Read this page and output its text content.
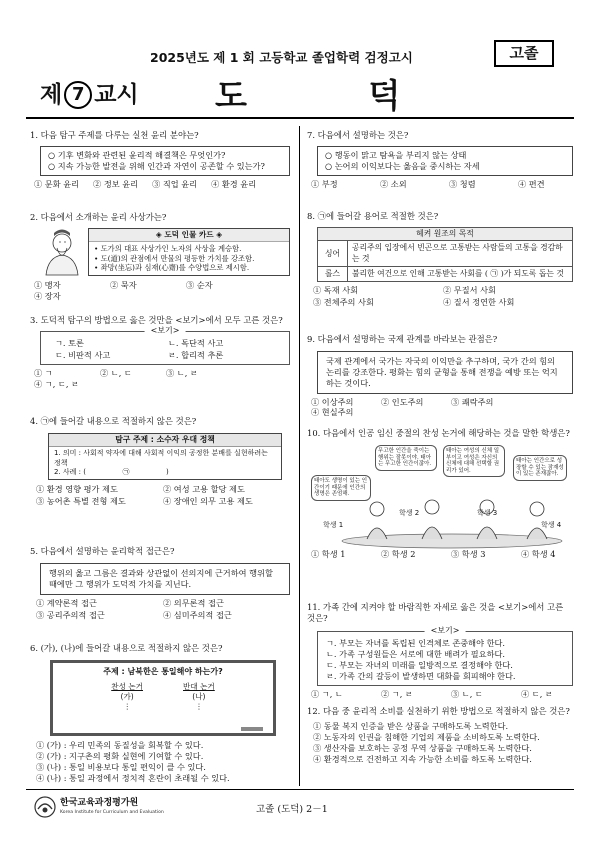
2025년도 제 1 회 고등학교 졸업학력 검정고시	고졸
제 7 교시 도 덕
1. 다음 탐구 주제를 다루는 실천 윤리 분야는?
○ 기후 변화와 관련된 윤리적 해결책은 무엇인가?
○ 지속 가능한 발전을 위해 인간과 자연이 공존할 수 있는가?
① 문화 윤리 ② 정보 윤리 ③ 직업 윤리 ④ 환경 윤리
2. 다음에서 소개하는 윤리 사상가는?
◈ 도덕 인물 카드 ◈
• 도가의 대표 사상가인 노자의 사상을 계승함.
• 도(道)의 관점에서 만물의 평등한 가치를 강조함.
• 좌망(坐忘)과 심재(心齋)를 수양법으로 제시함.
① 맹자	② 묵자	③ 순자
④ 장자
3. 도덕적 탐구의 방법으로 옳은 것만을 <보기>에서 모두 고른 것은?
<보기>
ㄱ. 토론	ㄴ. 독단적 사고
ㄷ. 비판적 사고	ㄹ. 합리적 추론
① ㄱ	② ㄴ, ㄷ	③ ㄴ, ㄹ
④ ㄱ, ㄷ, ㄹ
4. ㉠에 들어갈 내용으로 적절하지 않은 것은?
탐구 주제 : 소수자 우대 정책
1. 의미 : 사회적 약자에 대해 사회적 이익의 공정한 분배를 실현하려는 정책
2. 사례 : (	㉠	)
① 환경 영향 평가 제도	② 여성 고용 할당 제도
③ 농어촌 특별 전형 제도	④ 장애인 의무 고용 제도
5. 다음에서 설명하는 윤리학적 접근은?
행위의 옳고 그름은 결과와 상관없이 선의지에 근거하여 행위할 때에만 그 행위가 도덕적 가치를 지닌다.
① 계약론적 접근	② 의무론적 접근
③ 공리주의적 접근	④ 심미주의적 접근
6. (가), (나)에 들어갈 내용으로 적절하지 않은 것은?
주제 : 남북한은 통일해야 하는가?
찬성 논거
(가)
⋮
반대 논거
(나)
⋮
① (가) : 우리 민족의 동질성을 회복할 수 있다.
② (가) : 지구촌의 평화 실현에 기여할 수 있다.
③ (나) : 통일 비용보다 통일 편익이 클 수 있다.
④ (나) : 통일 과정에서 정치적 혼란이 초래될 수 있다.
7. 다음에서 설명하는 것은?
○ 행동이 맑고 탐욕을 부리지 않는 상태
○ 논어의 이익보다는 옳음을 중시하는 자세
① 부정	② 소외	③ 청렴	④ 편견
8. ㉠에 들어갈 용어로 적절한 것은?
헤켜 원조의 목적	
싱어	공리주의 입장에서 빈곤으로 고통받는 사람들의 고통을 경감하는 것
롤스	불리한 여건으로 인해 고통받는 사회를 ( ㉠ )가 되도록 돕는 것
① 독재 사회	② 무질서 사회
③ 전체주의 사회	④ 질서 정연한 사회
9. 다음에서 설명하는 국제 관계를 바라보는 관점은?
국제 관계에서 국가는 자국의 이익만을 추구하며, 국가 간의 힘의 논리를 강조한다. 평화는 힘의 균형을 통해 전쟁을 예방 또는 억지하는 것이다.
① 이상주의	② 인도주의	③ 쾌락주의
④ 현실주의
10. 다음에서 인공 임신 중절의 찬성 논거에 해당하는 것을 말한 학생은?
태아도 생명이 있는 인간이기 때문에 인간의 생명은 존엄해.
무고한 인간을 죽이는 행위는 잘못이야. 태아는 무고한 인간이잖아.
태아는 여성의 신체 일부이고 여성은 자신의 신체에 대해 선택할 권리가 있어.
태아는 인간으로 성장할 수 있는 잠재성이 있는 존재잖아.
학생 1
학생 2	학생 3
학생 4
① 학생 1	② 학생 2	③ 학생 3	④ 학생 4
11. 가족 간에 지켜야 할 바람직한 자세로 옳은 것을 <보기>에서 고른 것은?
<보기>
ㄱ. 부모는 자녀를 독립된 인격체로 존중해야 한다.
ㄴ. 가족 구성원들은 서로에 대한 배려가 필요하다.
ㄷ. 부모는 자녀의 미래를 일방적으로 결정해야 한다.
ㄹ. 가족 간의 갈등이 발생하면 대화를 회피해야 한다.
① ㄱ, ㄴ	② ㄱ, ㄹ	③ ㄴ, ㄷ	④ ㄷ, ㄹ
12. 다음 중 윤리적 소비를 실천하기 위한 방법으로 적절하지 않은 것은?
① 동물 복지 인증을 받은 상품을 구매하도록 노력한다.
② 노동자의 인권을 침해한 기업의 제품을 소비하도록 노력한다.
③ 생산자를 보호하는 공정 무역 상품을 구매하도록 노력한다.
④ 환경적으로 건전하고 지속 가능한 소비를 하도록 노력한다.
한국교육과정평가원
Korea Institute for Curriculum and Evaluation	고졸 (도덕) 2－1
